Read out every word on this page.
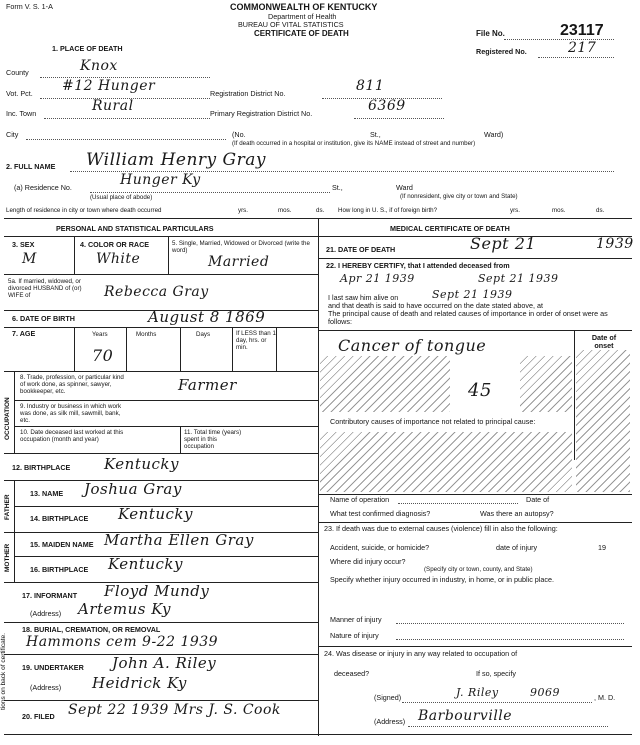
Form V. S. 1-A	COMMONWEALTH OF KENTUCKY
Department of Health
BUREAU OF VITAL STATISTICS
CERTIFICATE OF DEATH	File No.	23117
Registered No.	217
1. PLACE OF DEATH
County	Knox
Vot. Pct. #12 Hunger	Registration District No.	811
Inc. Town	Rural	Primary Registration District No.	6369
City	(No.	St.,	Ward)
(If death occurred in a hospital or institution, give its NAME instead of street and number)
2. FULL NAME William Henry Gray
(a) Residence No.	Hunger Ky	St.,	Ward
(Usual place of abode)	(If nonresident, give city or town and State)
Length of residence in city or town where death occurred	yrs.	mos.	ds. How long in U. S., if of foreign birth?	yrs.	mos.	ds.
PERSONAL AND STATISTICAL PARTICULARS	MEDICAL CERTIFICATE OF DEATH
3. SEX
M
4. COLOR OR RACE
White
5. Single, Married, Widowed or Divorced (write the word)
Married
5a. If married, widowed, or divorced HUSBAND of (or) WIFE of	Rebecca Gray
6. DATE OF BIRTH	August 8 1869
7. AGE	Years	Months	Days	If LESS than 1 day, hrs. or min.
70
OCCUPATION
8. Trade, profession, or particular kind of work done, as spinner, sawyer, bookkeeper, etc.	Farmer
9. Industry or business in which work was done, as silk mill, sawmill, bank, etc.
10. Date deceased last worked at this occupation (month and year)
11. Total time (years) spent in this occupation
12. BIRTHPLACE Kentucky
FATHER
13. NAME Joshua Gray
14. BIRTHPLACE Kentucky
MOTHER	15. MAIDEN NAME Martha Ellen Gray
16. BIRTHPLACE Kentucky
17. INFORMANT Floyd Mundy
(Address) Artemus Ky
18. BURIAL, CREMATION, OR REMOVAL
Hammons cem 9-22 1939
19. UNDERTAKER John A. Riley
(Address) Heidrick Ky
20. FILED Sept 22 1939 Mrs J. S. Cook
tions on back of certificate.
21. DATE OF DEATH	Sept 21	1939
22. I HEREBY CERTIFY, that I attended deceased from
Apr 21 1939	Sept 21 1939
I last saw him alive on	Sept 21 1939
and that death is said to have occurred on the date stated above, at
The principal cause of death and related causes of importance in order of onset were as follows:
Date of onset
Cancer of tongue
45
Contributory causes of importance not related to principal cause:
Name of operation	Date of
What test confirmed diagnosis?	Was there an autopsy?
23. If death was due to external causes (violence) fill in also the following:
Accident, suicide, or homicide?	date of injury	19
Where did injury occur?
(Specify city or town, county, and State)
Specify whether injury occurred in industry, in home, or in public place.
Manner of injury
Nature of injury
24. Was disease or injury in any way related to occupation of
deceased?	If so, specify
(Signed)	J. Riley	9069	, M. D.
(Address) Barbourville
